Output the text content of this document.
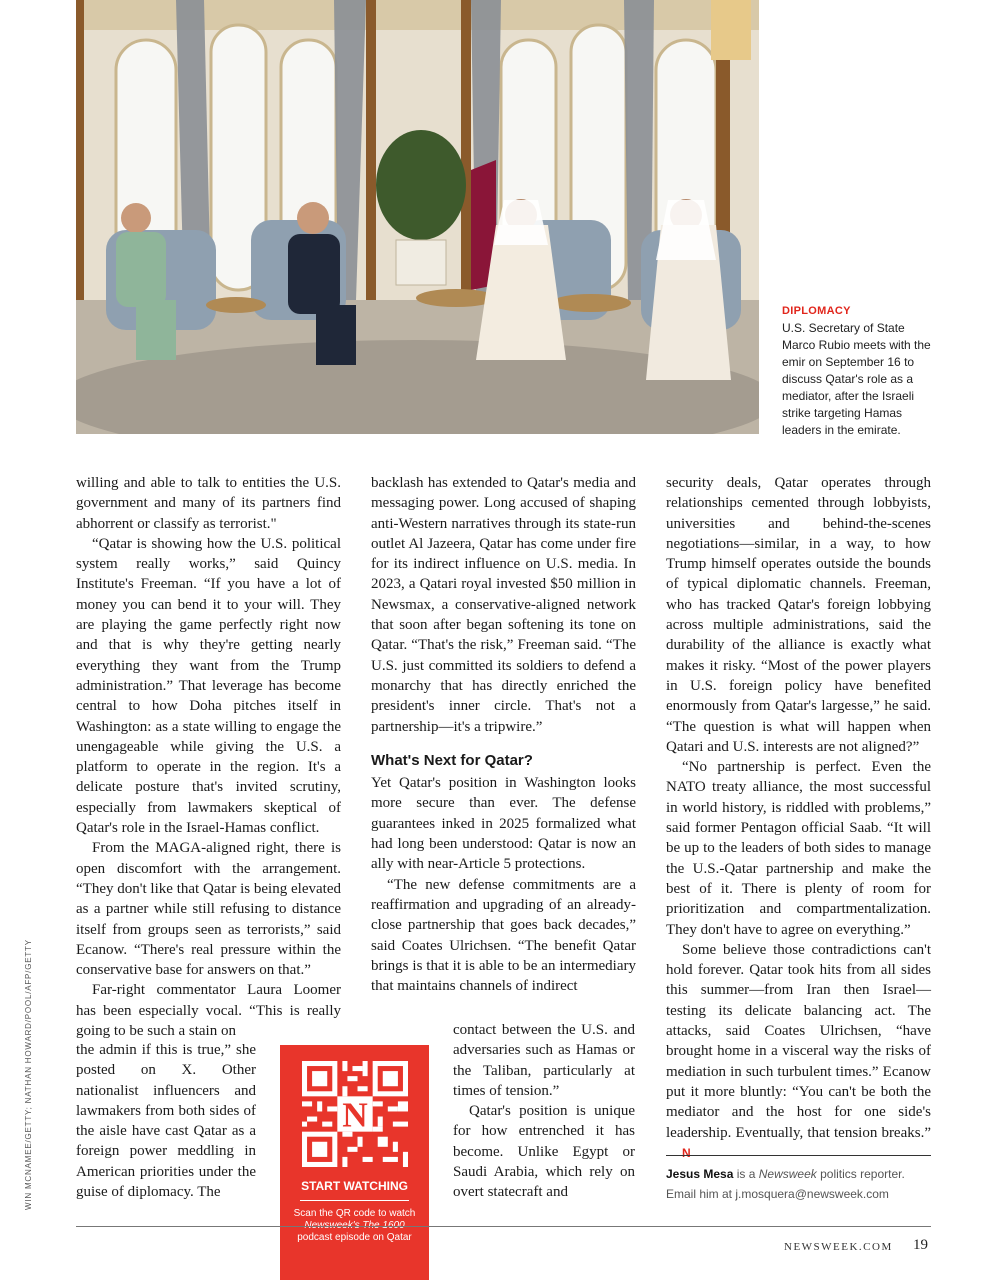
DIPLOMACY
U.S. Secretary of State Marco Rubio meets with the emir on September 16 to discuss Qatar's role as a mediator, after the Israeli strike targeting Hamas leaders in the emirate.
WIN MCNAMEE/GETTY; NATHAN HOWARD/POOL/AFP/GETTY

willing and able to talk to entities the U.S. government and many of its partners find abhorrent or classify as terrorist."

“Qatar is showing how the U.S. political system really works,” said Quincy Institute's Freeman. “If you have a lot of money you can bend it to your will. They are playing the game perfectly right now and that is why they're getting nearly everything they want from the Trump administration.” That leverage has become central to how Doha pitches itself in Washington: as a state willing to engage the unengageable while giving the U.S. a platform to operate in the region. It's a delicate posture that's invited scrutiny, especially from lawmakers skeptical of Qatar's role in the Israel-Hamas conflict.

From the MAGA-aligned right, there is open discomfort with the arrangement. “They don't like that Qatar is being elevated as a partner while still refusing to distance itself from groups seen as terrorists,” said Ecanow. “There's real pressure within the conservative base for answers on that.”

Far-right commentator Laura Loomer has been especially vocal. “This is really going to be such a stain on

the admin if this is true,” she posted on X. Other nationalist influencers and lawmakers from both sides of the aisle have cast Qatar as a foreign power meddling in American priorities under the guise of diplomacy. The

backlash has extended to Qatar's media and messaging power. Long accused of shaping anti-Western narratives through its state-run outlet Al Jazeera, Qatar has come under fire for its indirect influence on U.S. media. In 2023, a Qatari royal invested $50 million in Newsmax, a conservative-aligned network that soon after began softening its tone on Qatar. “That's the risk,” Freeman said. “The U.S. just committed its soldiers to defend a monarchy that has directly enriched the president's inner circle. That's not a partnership—it's a tripwire.”

What's Next for Qatar?

Yet Qatar's position in Washington looks more secure than ever. The defense guarantees inked in 2025 formalized what had long been understood: Qatar is now an ally with near-Article 5 protections.

“The new defense commitments are a reaffirmation and upgrading of an already-close partnership that goes back decades,” said Coates Ulrichsen. “The benefit Qatar brings is that it is able to be an intermediary that maintains channels of indirect

contact between the U.S. and adversaries such as Hamas or the Taliban, particularly at times of tension.”

Qatar's position is unique for how entrenched it has become. Unlike Egypt or Saudi Arabia, which rely on overt statecraft and

security deals, Qatar operates through relationships cemented through lobbyists, universities and behind-the-scenes negotiations—similar, in a way, to how Trump himself operates outside the bounds of typical diplomatic channels. Freeman, who has tracked Qatar's foreign lobbying across multiple administrations, said the durability of the alliance is exactly what makes it risky. “Most of the power players in U.S. foreign policy have benefited enormously from Qatar's largesse,” he said. “The question is what will happen when Qatari and U.S. interests are not aligned?”

“No partnership is perfect. Even the NATO treaty alliance, the most successful in world history, is riddled with problems,” said former Pentagon official Saab. “It will be up to the leaders of both sides to manage the U.S.-Qatar partnership and make the best of it. There is plenty of room for prioritization and compartmentalization. They don't have to agree on everything.”

Some believe those contradictions can't hold forever. Qatar took hits from all sides this summer—from Iran then Israel—testing its delicate balancing act. The attacks, said Coates Ulrichsen, “have brought home in a visceral way the risks of mediation in such turbulent times.” Ecanow put it more bluntly: “You can't be both the mediator and the host for one side's leadership. Eventually, that tension breaks.” N

N
START WATCHING
Scan the QR code to watch podcast episode on Qatar
Jesus Mesa is a Newsweek politics reporter. Email him at j.mosquera@newsweek.com
NEWSWEEK.COM 19
